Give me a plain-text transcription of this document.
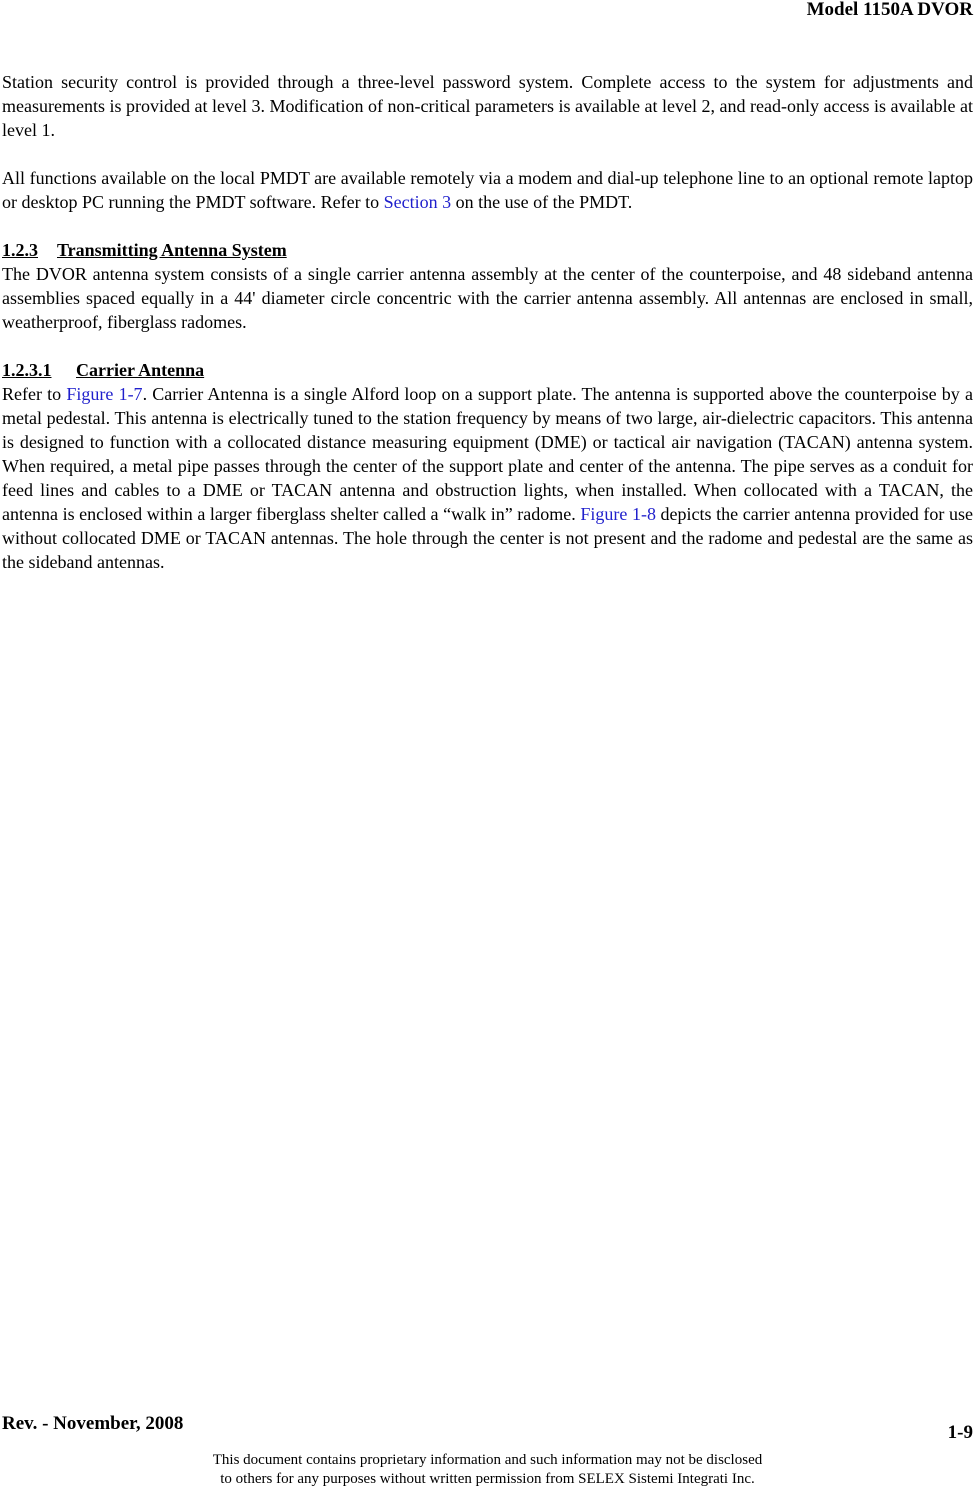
Model 1150A DVOR

Station security control is provided through a three-level password system. Complete access to the system for adjustments and measurements is provided at level 3. Modification of non-critical parameters is available at level 2, and read-only access is available at level 1.

All functions available on the local PMDT are available remotely via a modem and dial-up telephone line to an optional remote laptop or desktop PC running the PMDT software. Refer to Section 3 on the use of the PMDT.

1.2.3 Transmitting Antenna System

The DVOR antenna system consists of a single carrier antenna assembly at the center of the counterpoise, and 48 sideband antenna assemblies spaced equally in a 44' diameter circle concentric with the carrier antenna assembly. All antennas are enclosed in small, weatherproof, fiberglass radomes.

1.2.3.1 Carrier Antenna

Refer to Figure 1-7. Carrier Antenna is a single Alford loop on a support plate. The antenna is supported above the counterpoise by a metal pedestal. This antenna is electrically tuned to the station frequency by means of two large, air-dielectric capacitors. This antenna is designed to function with a collocated distance measuring equipment (DME) or tactical air navigation (TACAN) antenna system. When required, a metal pipe passes through the center of the support plate and center of the antenna. The pipe serves as a conduit for feed lines and cables to a DME or TACAN antenna and obstruction lights, when installed. When collocated with a TACAN, the antenna is enclosed within a larger fiberglass shelter called a “walk in” radome. Figure 1-8 depicts the carrier antenna provided for use without collocated DME or TACAN antennas. The hole through the center is not present and the radome and pedestal are the same as the sideband antennas.

Rev. - November, 2008	1-9
This document contains proprietary information and such information may not be disclosed
to others for any purposes without written permission from SELEX Sistemi Integrati Inc.
